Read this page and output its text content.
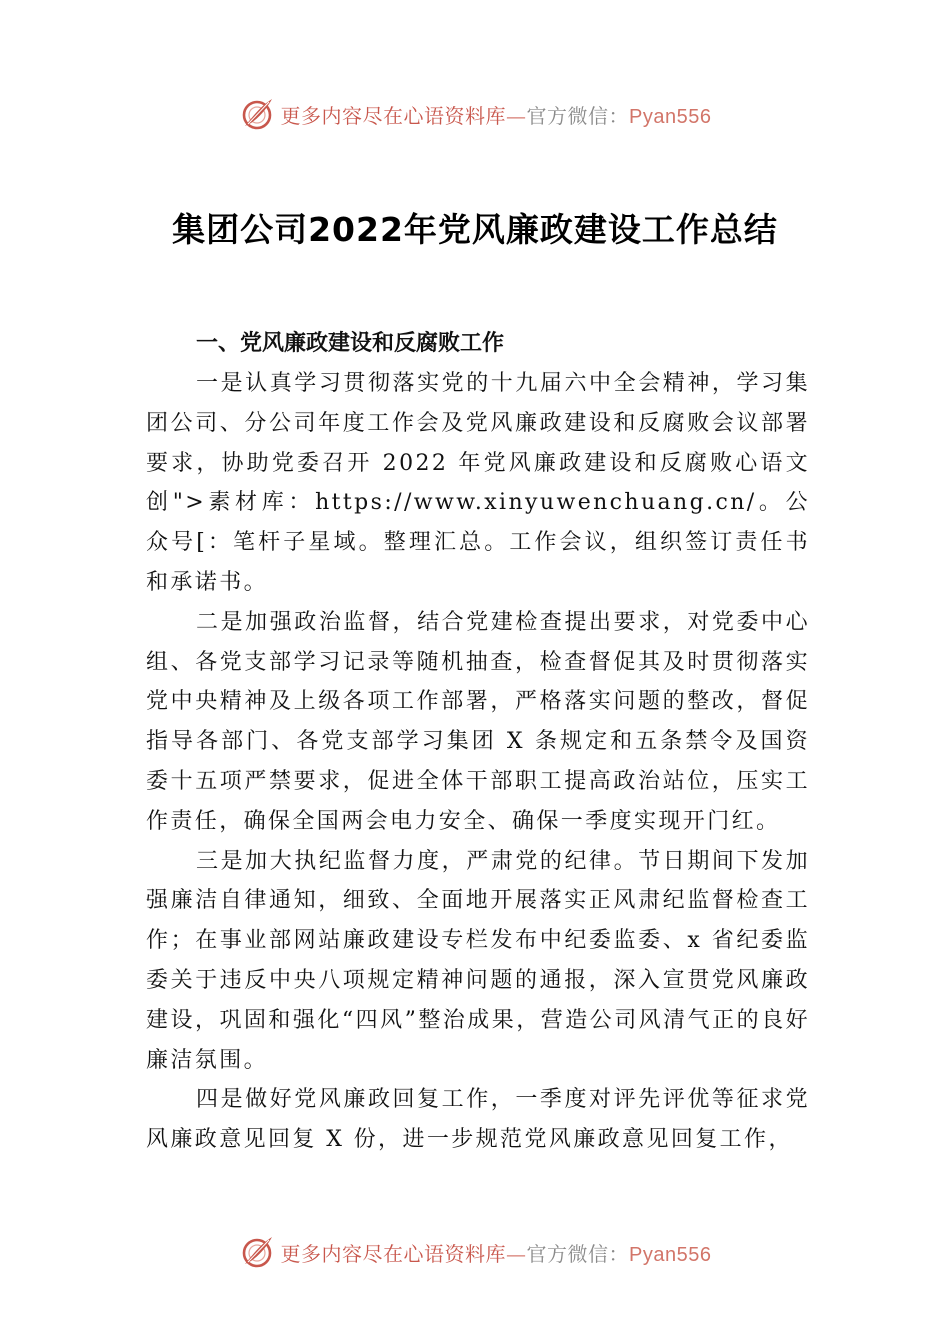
更多内容尽在心语资料库—官方微信：Pyan556
集团公司2022年党风廉政建设工作总结

一、党风廉政建设和反腐败工作

一是认真学习贯彻落实党的十九届六中全会精神，学习集团公司、分公司年度工作会及党风廉政建设和反腐败会议部署要求，协助党委召开 2022 年党风廉政建设和反腐败心语文创">素材库：https://www.xinyuwenchuang.cn/。公众号[：笔杆子星域。整理汇总。工作会议，组织签订责任书和承诺书。

二是加强政治监督，结合党建检查提出要求，对党委中心组、各党支部学习记录等随机抽查，检查督促其及时贯彻落实党中央精神及上级各项工作部署，严格落实问题的整改，督促指导各部门、各党支部学习集团 X 条规定和五条禁令及国资委十五项严禁要求，促进全体干部职工提高政治站位，压实工作责任，确保全国两会电力安全、确保一季度实现开门红。

三是加大执纪监督力度，严肃党的纪律。节日期间下发加强廉洁自律通知，细致、全面地开展落实正风肃纪监督检查工作；在事业部网站廉政建设专栏发布中纪委监委、x 省纪委监委关于违反中央八项规定精神问题的通报，深入宣贯党风廉政建设，巩固和强化“四风”整治成果，营造公司风清气正的良好廉洁氛围。

四是做好党风廉政回复工作，一季度对评先评优等征求党风廉政意见回复 X 份，进一步规范党风廉政意见回复工作，

更多内容尽在心语资料库—官方微信：Pyan556
